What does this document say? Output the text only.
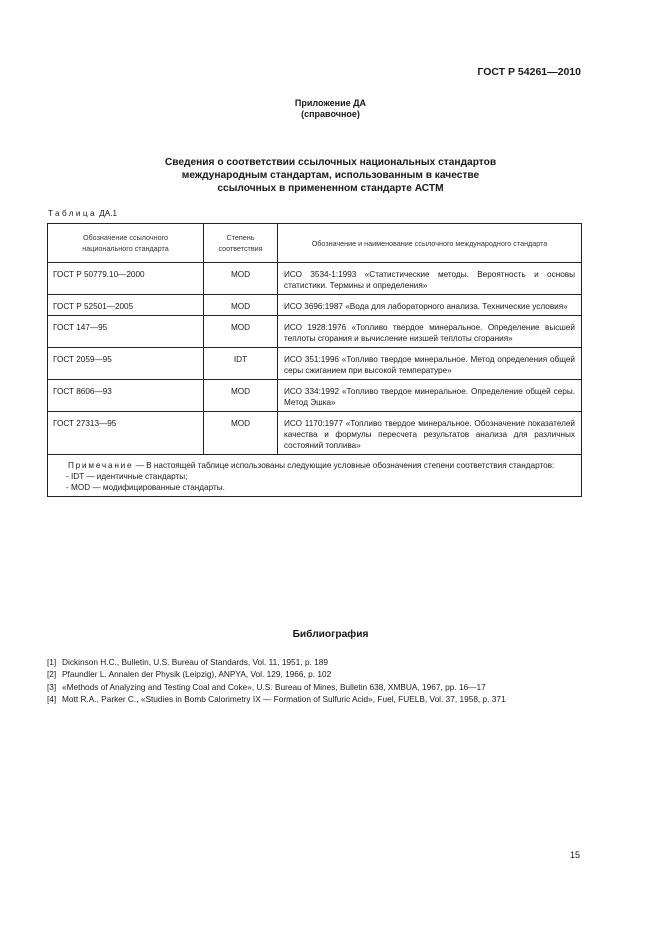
ГОСТ Р 54261—2010
Приложение ДА
(справочное)
Сведения о соответствии ссылочных национальных стандартов
международным стандартам, использованным в качестве
ссылочных в примененном стандарте АСТМ
Таблица ДА.1
Обозначение ссылочного национального стандарта	Степень соответствия	Обозначение и наименование ссылочного международного стандарта
ГОСТ Р 50779.10—2000	MOD	ИСО 3534-1:1993 «Статистические методы. Вероятность и основы статистики. Термины и определения»
ГОСТ Р 52501—2005	MOD	ИСО 3696:1987 «Вода для лабораторного анализа. Технические условия»
ГОСТ 147—95	MOD	ИСО 1928:1976 «Топливо твердое минеральное. Определение высшей теплоты сгорания и вычисление низшей теплоты сгорания»
ГОСТ 2059—95	IDT	ИСО 351:1996 «Топливо твердое минеральное. Метод определения общей серы сжиганием при высокой температуре»
ГОСТ 8606—93	MOD	ИСО 334:1992 «Топливо твердое минеральное. Определение общей серы. Метод Эшка»
ГОСТ 27313—95	MOD	ИСО 1170:1977 «Топливо твердое минеральное. Обозначение показателей качества и формулы пересчета результатов анализа для различных состояний топлива»

Примечание — В настоящей таблице использованы следующие условные обозначения степени соответствия стандартов:
- IDT — идентичные стандарты;
- MOD — модифицированные стандарты.		
Библиография
[1] Dickinson H.C., Bulletin, U.S. Bureau of Standards, Vol. 11, 1951, p. 189
[2] Pfaundler L. Annalen der Physik (Leipzig), ANPYA, Vol. 129, 1966, p. 102
[3] «Methods of Analyzing and Testing Coal and Coke», U.S. Bureau of Mines, Bulletin 638, XMBUA, 1967, pp. 16—17
[4] Mott R.A., Parker C., «Studies in Bomb Calorimetry IX — Formation of Sulfuric Acid», Fuel, FUELB, Vol. 37, 1958, p. 371
15
